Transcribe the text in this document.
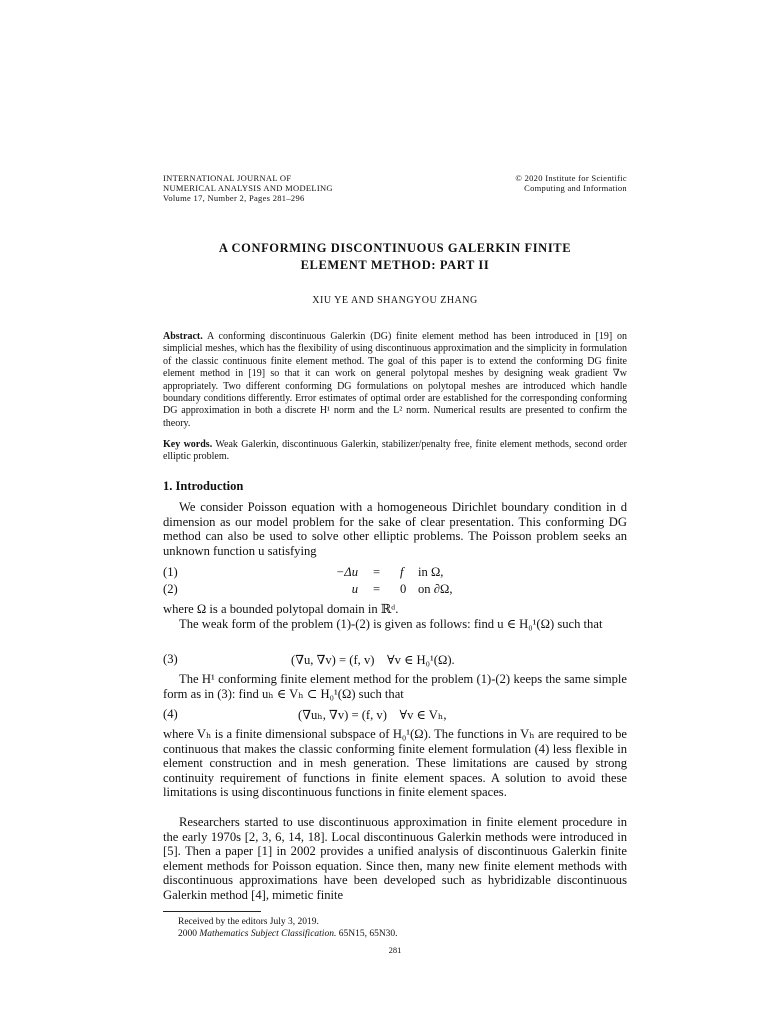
INTERNATIONAL JOURNAL OF
NUMERICAL ANALYSIS AND MODELING
Volume 17, Number 2, Pages 281–296
© 2020 Institute for Scientific
Computing and Information
A CONFORMING DISCONTINUOUS GALERKIN FINITE
ELEMENT METHOD: PART II
XIU YE AND SHANGYOU ZHANG
Abstract. A conforming discontinuous Galerkin (DG) finite element method has been introduced in [19] on simplicial meshes, which has the flexibility of using discontinuous approximation and the simplicity in formulation of the classic continuous finite element method. The goal of this paper is to extend the conforming DG finite element method in [19] so that it can work on general polytopal meshes by designing weak gradient ∇w appropriately. Two different conforming DG formulations on polytopal meshes are introduced which handle boundary conditions differently. Error estimates of optimal order are established for the corresponding conforming DG approximation in both a discrete H¹ norm and the L² norm. Numerical results are presented to confirm the theory.
Key words. Weak Galerkin, discontinuous Galerkin, stabilizer/penalty free, finite element methods, second order elliptic problem.
1. Introduction
We consider Poisson equation with a homogeneous Dirichlet boundary condition in d dimension as our model problem for the sake of clear presentation. This conforming DG method can also be used to solve other elliptic problems. The Poisson problem seeks an unknown function u satisfying
(1)	−Δu = f in Ω,
(2)	u = 0 on ∂Ω,
where Ω is a bounded polytopal domain in ℝᵈ.
The weak form of the problem (1)-(2) is given as follows: find u ∈ H₀¹(Ω) such that
(3)	(∇u, ∇v) = (f, v)    ∀v ∈ H₀¹(Ω).
The H¹ conforming finite element method for the problem (1)-(2) keeps the same simple form as in (3): find uₕ ∈ Vₕ ⊂ H₀¹(Ω) such that
(4)	(∇uₕ, ∇v) = (f, v)    ∀v ∈ Vₕ,
where Vₕ is a finite dimensional subspace of H₀¹(Ω). The functions in Vₕ are required to be continuous that makes the classic conforming finite element formulation (4) less flexible in element construction and in mesh generation. These limitations are caused by strong continuity requirement of functions in finite element spaces. A solution to avoid these limitations is using discontinuous functions in finite element spaces.
Researchers started to use discontinuous approximation in finite element procedure in the early 1970s [2, 3, 6, 14, 18]. Local discontinuous Galerkin methods were introduced in [5]. Then a paper [1] in 2002 provides a unified analysis of discontinuous Galerkin finite element methods for Poisson equation. Since then, many new finite element methods with discontinuous approximations have been developed such as hybridizable discontinuous Galerkin method [4], mimetic finite
Received by the editors July 3, 2019.
2000 Mathematics Subject Classification. 65N15, 65N30.
281
